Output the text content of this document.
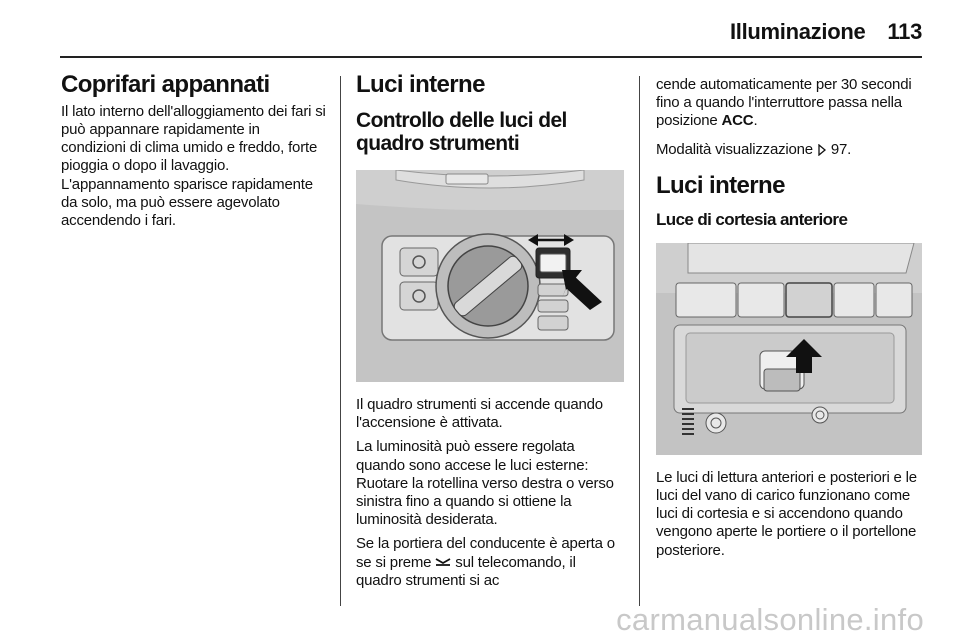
Illuminazione 113
Coprifari appannati

Il lato interno dell'alloggiamento dei fari si può appannare rapidamente in condizioni di clima umido e freddo, forte pioggia o dopo il lavaggio. L'appannamento sparisce rapidamente da solo, ma può essere agevolato accendendo i fari.

Luci interne
Controllo delle luci del quadro strumenti

Il quadro strumenti si accende quando l'accensione è attivata.

La luminosità può essere regolata quando sono accese le luci esterne: Ruotare la rotellina verso destra o verso sinistra fino a quando si ottiene la luminosità desiderata.

Se la portiera del conducente è aperta o se si preme sul telecomando, il quadro strumenti si ac

cende automaticamente per 30 secondi fino a quando l'interruttore passa nella posizione ACC.

Modalità visualizzazione 97.

Luci interne
Luce di cortesia anteriore

Le luci di lettura anteriori e posteriori e le luci del vano di carico funzionano come luci di cortesia e si accendono quando vengono aperte le portiere o il portellone posteriore.

carmanualsonline.info
